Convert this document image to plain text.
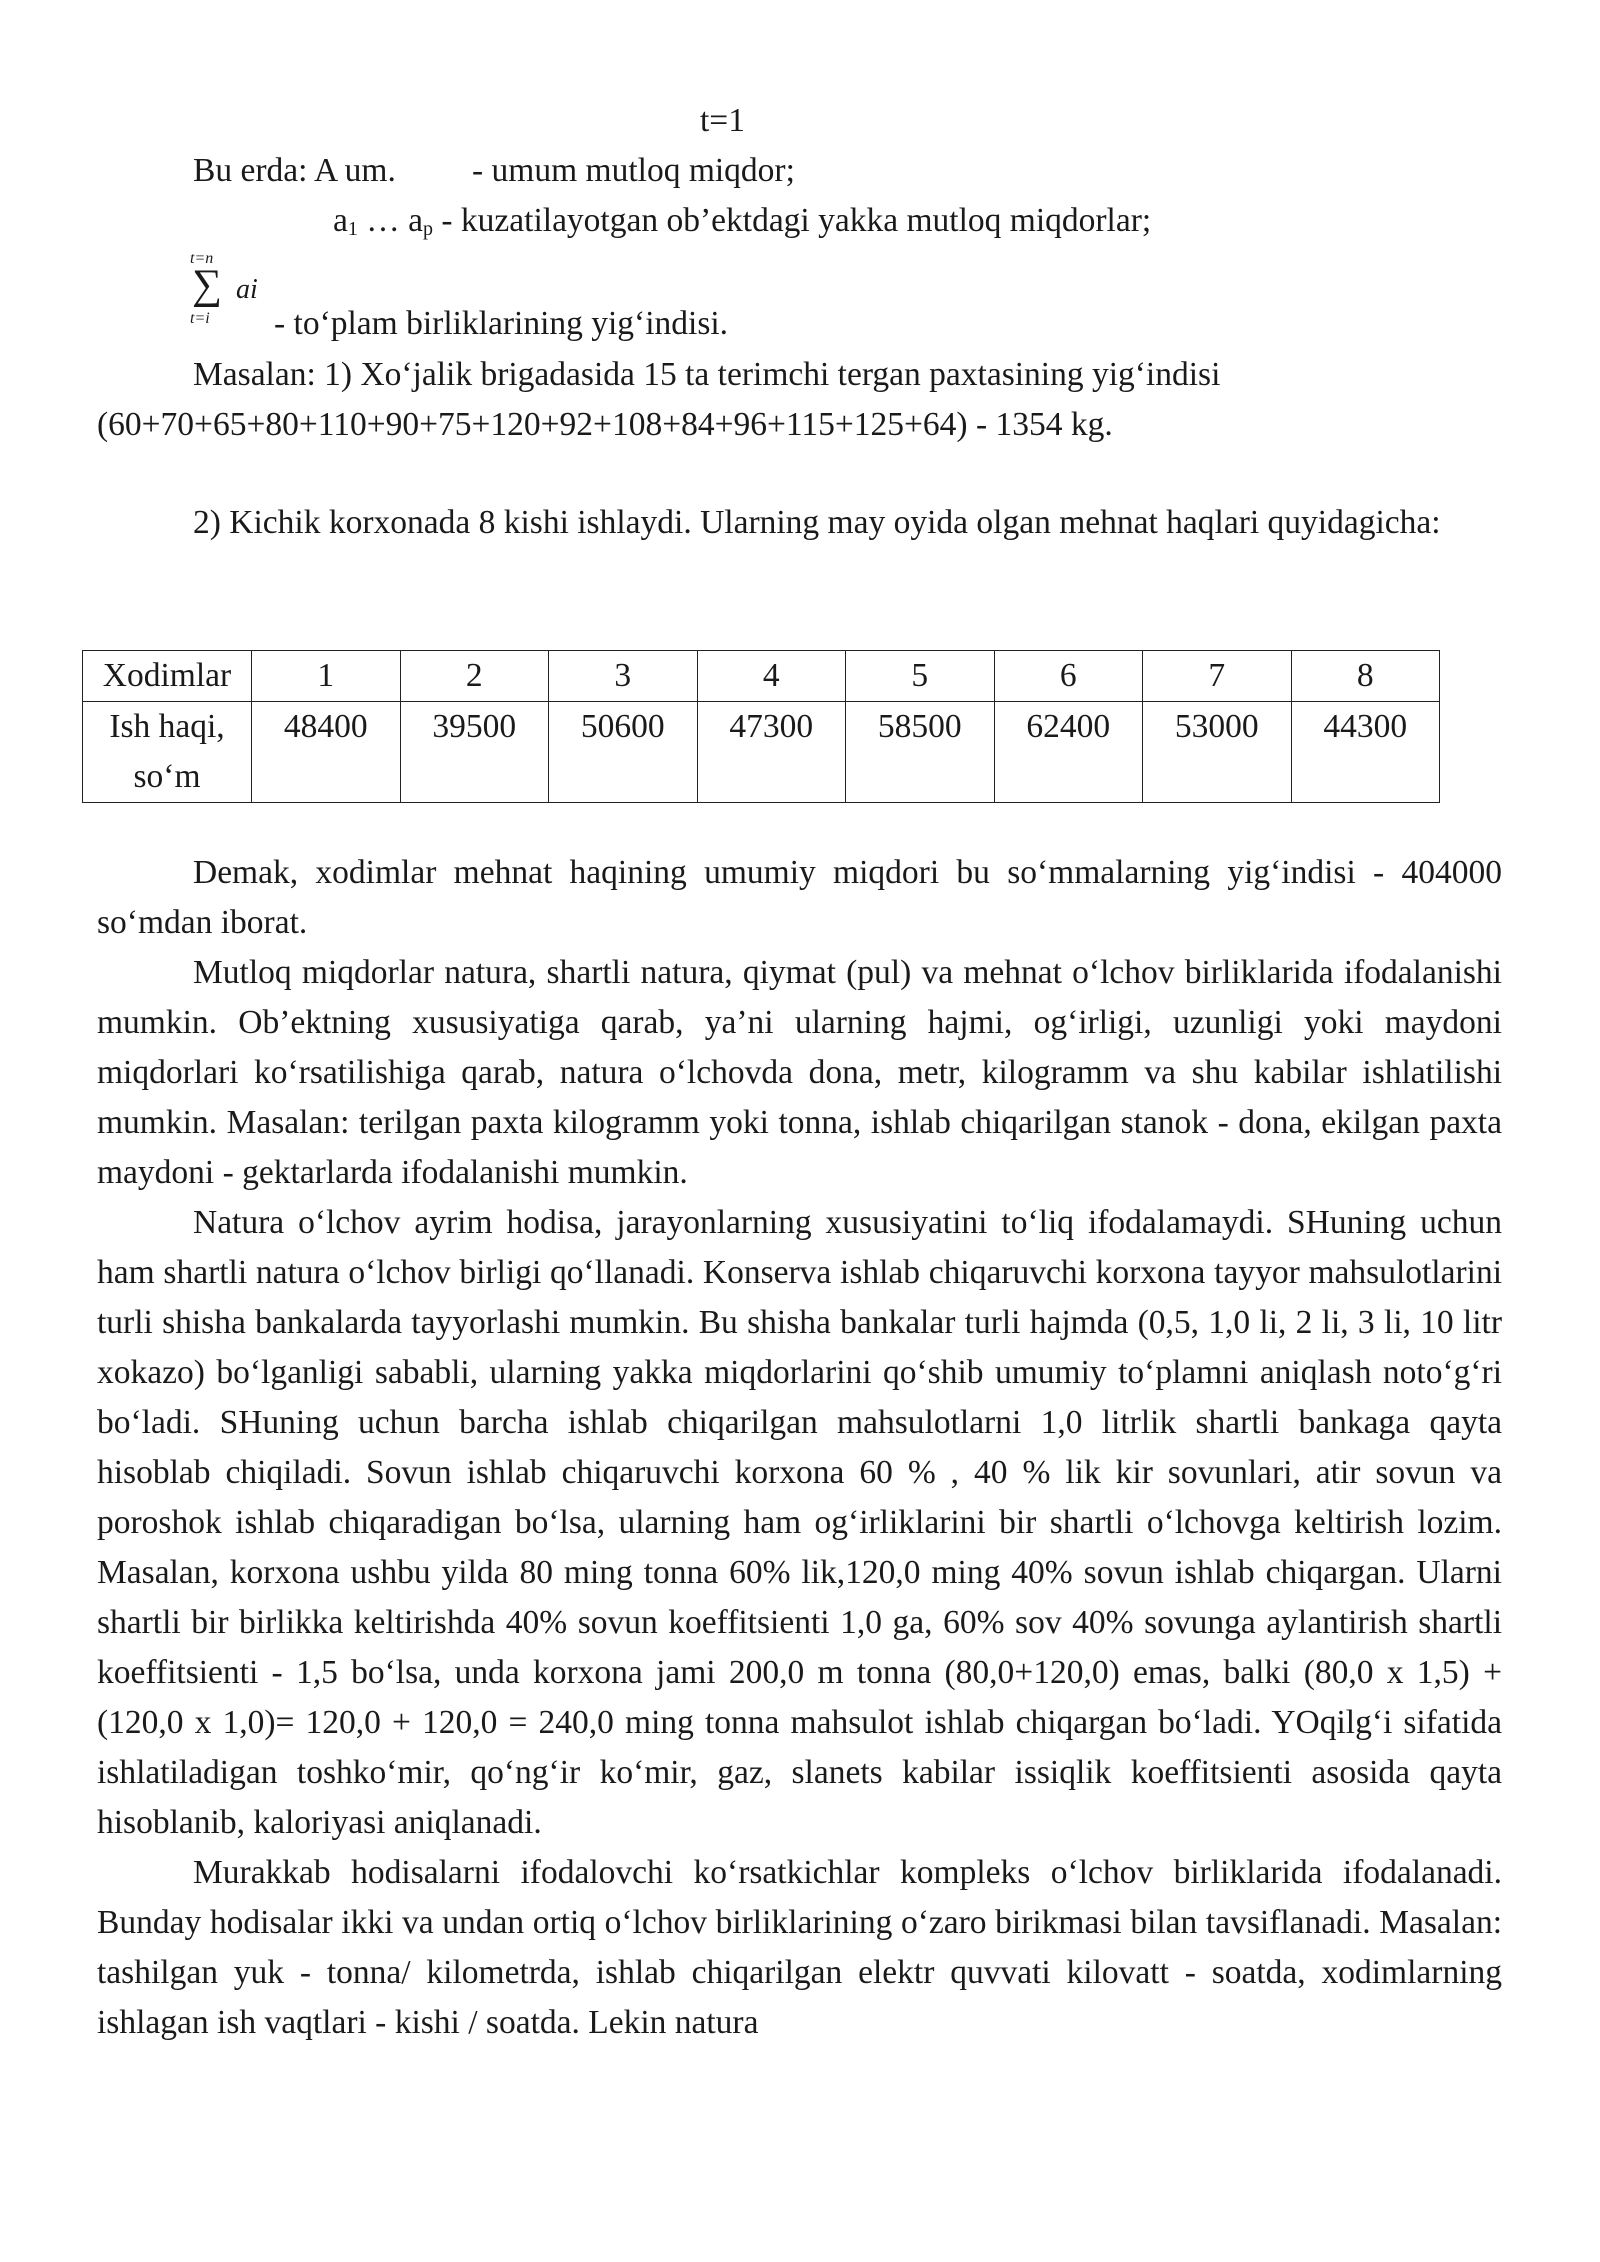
t=1
Bu erda: A um. - umum mutloq miqdor;
$a_1$ … $a_p$ - kuzatilayotgan ob’ektdagi yakka mutloq miqdorlar;
t=n
∑ ai
t=i - to‘plam birliklarining yig‘indisi.
Masalan: 1) Xo‘jalik brigadasida 15 ta terimchi tergan paxtasining yig‘indisi
(60+70+65+80+110+90+75+120+92+108+84+96+115+125+64) - 1354 kg.

2) Kichik korxonada 8 kishi ishlaydi. Ularning may oyida olgan mehnat haqlari quyidagicha:

Xodimlar	1	2	3	4	5	6	7	8
Ish haqi, so‘m	48400	39500	50600	47300	58500	62400	53000	44300

Demak, xodimlar mehnat haqining umumiy miqdori bu so‘mmalarning yig‘indisi - 404000 so‘mdan iborat.

Mutloq miqdorlar natura, shartli natura, qiymat (pul) va mehnat o‘lchov birliklarida ifodalanishi mumkin. Ob’ektning xususiyatiga qarab, ya’ni ularning hajmi, og‘irligi, uzunligi yoki maydoni miqdorlari ko‘rsatilishiga qarab, natura o‘lchovda dona, metr, kilogramm va shu kabilar ishlatilishi mumkin. Masalan: terilgan paxta kilogramm yoki tonna, ishlab chiqarilgan stanok - dona, ekilgan paxta maydoni - gektarlarda ifodalanishi mumkin.

Natura o‘lchov ayrim hodisa, jarayonlarning xususiyatini to‘liq ifodalamaydi. SHuning uchun ham shartli natura o‘lchov birligi qo‘llanadi. Konserva ishlab chiqaruvchi korxona tayyor mahsulotlarini turli shisha bankalarda tayyorlashi mumkin. Bu shisha bankalar turli hajmda (0,5, 1,0 li, 2 li, 3 li, 10 litr xokazo) bo‘lganligi sababli, ularning yakka miqdorlarini qo‘shib umumiy to‘plamni aniqlash noto‘g‘ri bo‘ladi. SHuning uchun barcha ishlab chiqarilgan mahsulotlarni 1,0 litrlik shartli bankaga qayta hisoblab chiqiladi. Sovun ishlab chiqaruvchi korxona 60 % , 40 % lik kir sovunlari, atir sovun va poroshok ishlab chiqaradigan bo‘lsa, ularning ham og‘irliklarini bir shartli o‘lchovga keltirish lozim. Masalan, korxona ushbu yilda 80 ming tonna 60% lik,120,0 ming 40% sovun ishlab chiqargan. Ularni shartli bir birlikka keltirishda 40% sovun koeffitsienti 1,0 ga, 60% sov 40% sovunga aylantirish shartli koeffitsienti - 1,5 bo‘lsa, unda korxona jami 200,0 m tonna (80,0+120,0) emas, balki (80,0 x 1,5) + (120,0 x 1,0)= 120,0 + 120,0 = 240,0 ming tonna mahsulot ishlab chiqargan bo‘ladi. YOqilg‘i sifatida ishlatiladigan toshko‘mir, qo‘ng‘ir ko‘mir, gaz, slanets kabilar issiqlik koeffitsienti asosida qayta hisoblanib, kaloriyasi aniqlanadi.

Murakkab hodisalarni ifodalovchi ko‘rsatkichlar kompleks o‘lchov birliklarida ifodalanadi. Bunday hodisalar ikki va undan ortiq o‘lchov birliklarining o‘zaro birikmasi bilan tavsiflanadi. Masalan: tashilgan yuk - tonna/ kilometrda, ishlab chiqarilgan elektr quvvati kilovatt - soatda, xodimlarning ishlagan ish vaqtlari - kishi / soatda. Lekin natura
